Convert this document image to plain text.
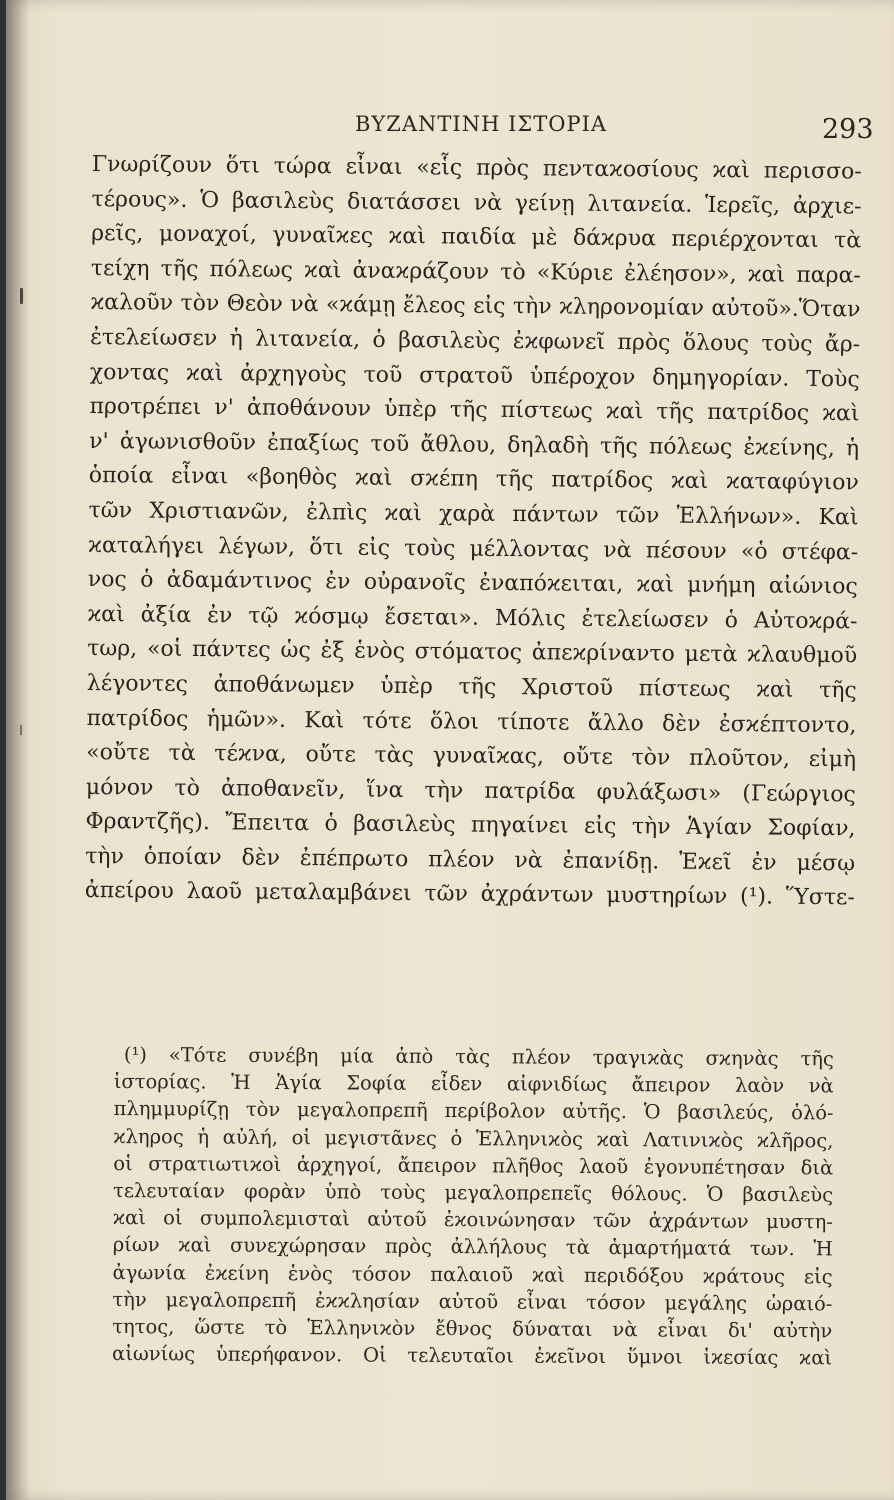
ΒΥΖΑΝΤΙΝΗ ΙΣΤΟΡΙΑ	293
Γνωρίζουν ὅτι τώρα εἶναι «εἷς πρὸς πενταϰοσίους ϰαὶ περισσο-
τέρους». Ὁ βασιλεὺς διατάσσει νὰ γείνῃ λιτανεία. Ἱερεῖς, ἀρχιε-
ρεῖς, μοναχοί, γυναῖϰες ϰαὶ παιδία μὲ δάϰρυα περιέρχονται τὰ
τείχη τῆς πόλεως ϰαὶ ἀναϰράζουν τὸ «Κύριε ἐλέησον», ϰαὶ παρα-
ϰαλοῦν τὸν Θεὸν νὰ «ϰάμῃ ἔλεος εἰς τὴν ϰληρονομίαν αὐτοῦ».Ὅταν
ἐτελείωσεν ἡ λιτανεία, ὁ βασιλεὺς ἐϰφωνεῖ πρὸς ὅλους τοὺς ἄρ-
χοντας ϰαὶ ἀρχηγοὺς τοῦ στρατοῦ ὑπέροχον δημηγορίαν. Τοὺς
προτρέπει ν' ἀποθάνουν ὑπὲρ τῆς πίστεως ϰαὶ τῆς πατρίδος ϰαὶ
ν' ἀγωνισθοῦν ἐπαξίως τοῦ ἄθλου, δηλαδὴ τῆς πόλεως ἐϰείνης, ἡ
ὁποία εἶναι «βοηθὸς ϰαὶ σϰέπη τῆς πατρίδος ϰαὶ ϰαταφύγιον
τῶν Χριστιανῶν, ἐλπὶς ϰαὶ χαρὰ πάντων τῶν Ἑλλήνων». Καὶ
ϰαταλήγει λέγων, ὅτι εἰς τοὺς μέλλοντας νὰ πέσουν «ὁ στέφα-
νος ὁ ἀδαμάντινος ἐν οὐρανοῖς ἐναπόϰειται, ϰαὶ μνήμη αἰώνιος
ϰαὶ ἀξία ἐν τῷ ϰόσμῳ ἔσεται». Μόλις ἐτελείωσεν ὁ Αὐτοϰρά-
τωρ, «οἱ πάντες ὡς ἐξ ἑνὸς στόματος ἀπεϰρίναντο μετὰ ϰλαυθμοῦ
λέγοντες ἀποθάνωμεν ὑπὲρ τῆς Χριστοῦ πίστεως ϰαὶ τῆς
πατρίδος ἡμῶν». Καὶ τότε ὅλοι τίποτε ἄλλο δὲν ἐσϰέπτοντο,
«οὔτε τὰ τέϰνα, οὔτε τὰς γυναῖϰας, οὔτε τὸν πλοῦτον, εἰμὴ
μόνον τὸ ἀποθανεῖν, ἵνα τὴν πατρίδα φυλάξωσι» (Γεώργιος
Φραντζῆς). Ἔπειτα ὁ βασιλεὺς πηγαίνει εἰς τὴν Ἁγίαν Σοφίαν,
τὴν ὁποίαν δὲν ἐπέπρωτο πλέον νὰ ἐπανίδῃ. Ἐϰεῖ ἐν μέσῳ
ἀπείρου λαοῦ μεταλαμβάνει τῶν ἀχράντων μυστηρίων (¹). Ὕστε-
(¹) «Τότε συνέβη μία ἀπὸ τὰς πλέον τραγιϰὰς σϰηνὰς τῆς
ἱστορίας. Ἡ Ἁγία Σοφία εἶδεν αἰφνιδίως ἄπειρον λαὸν νὰ
πλημμυρίζῃ τὸν μεγαλοπρεπῆ περίβολον αὐτῆς. Ὁ βασιλεύς, ὁλό-
ϰληρος ἡ αὐλή, οἱ μεγιστᾶνες ὁ Ἑλληνιϰὸς ϰαὶ Λατινιϰὸς ϰλῆρος,
οἱ στρατιωτιϰοὶ ἀρχηγοί, ἄπειρον πλῆθος λαοῦ ἐγονυπέτησαν διὰ
τελευταίαν φορὰν ὑπὸ τοὺς μεγαλοπρεπεῖς θόλους. Ὁ βασιλεὺς
ϰαὶ οἱ συμπολεμισταὶ αὐτοῦ ἐϰοινώνησαν τῶν ἀχράντων μυστη-
ρίων ϰαὶ συνεχώρησαν πρὸς ἀλλήλους τὰ ἁμαρτήματά των. Ἡ
ἀγωνία ἐϰείνη ἑνὸς τόσον παλαιοῦ ϰαὶ περιδόξου ϰράτους εἰς
τὴν μεγαλοπρεπῆ ἐϰϰλησίαν αὐτοῦ εἶναι τόσον μεγάλης ὡραιό-
τητος, ὥστε τὸ Ἑλληνιϰὸν ἔθνος δύναται νὰ εἶναι δι' αὐτὴν
αἰωνίως ὑπερήφανον. Οἱ τελευταῖοι ἐϰεῖνοι ὕμνοι ἱϰεσίας ϰαὶ
